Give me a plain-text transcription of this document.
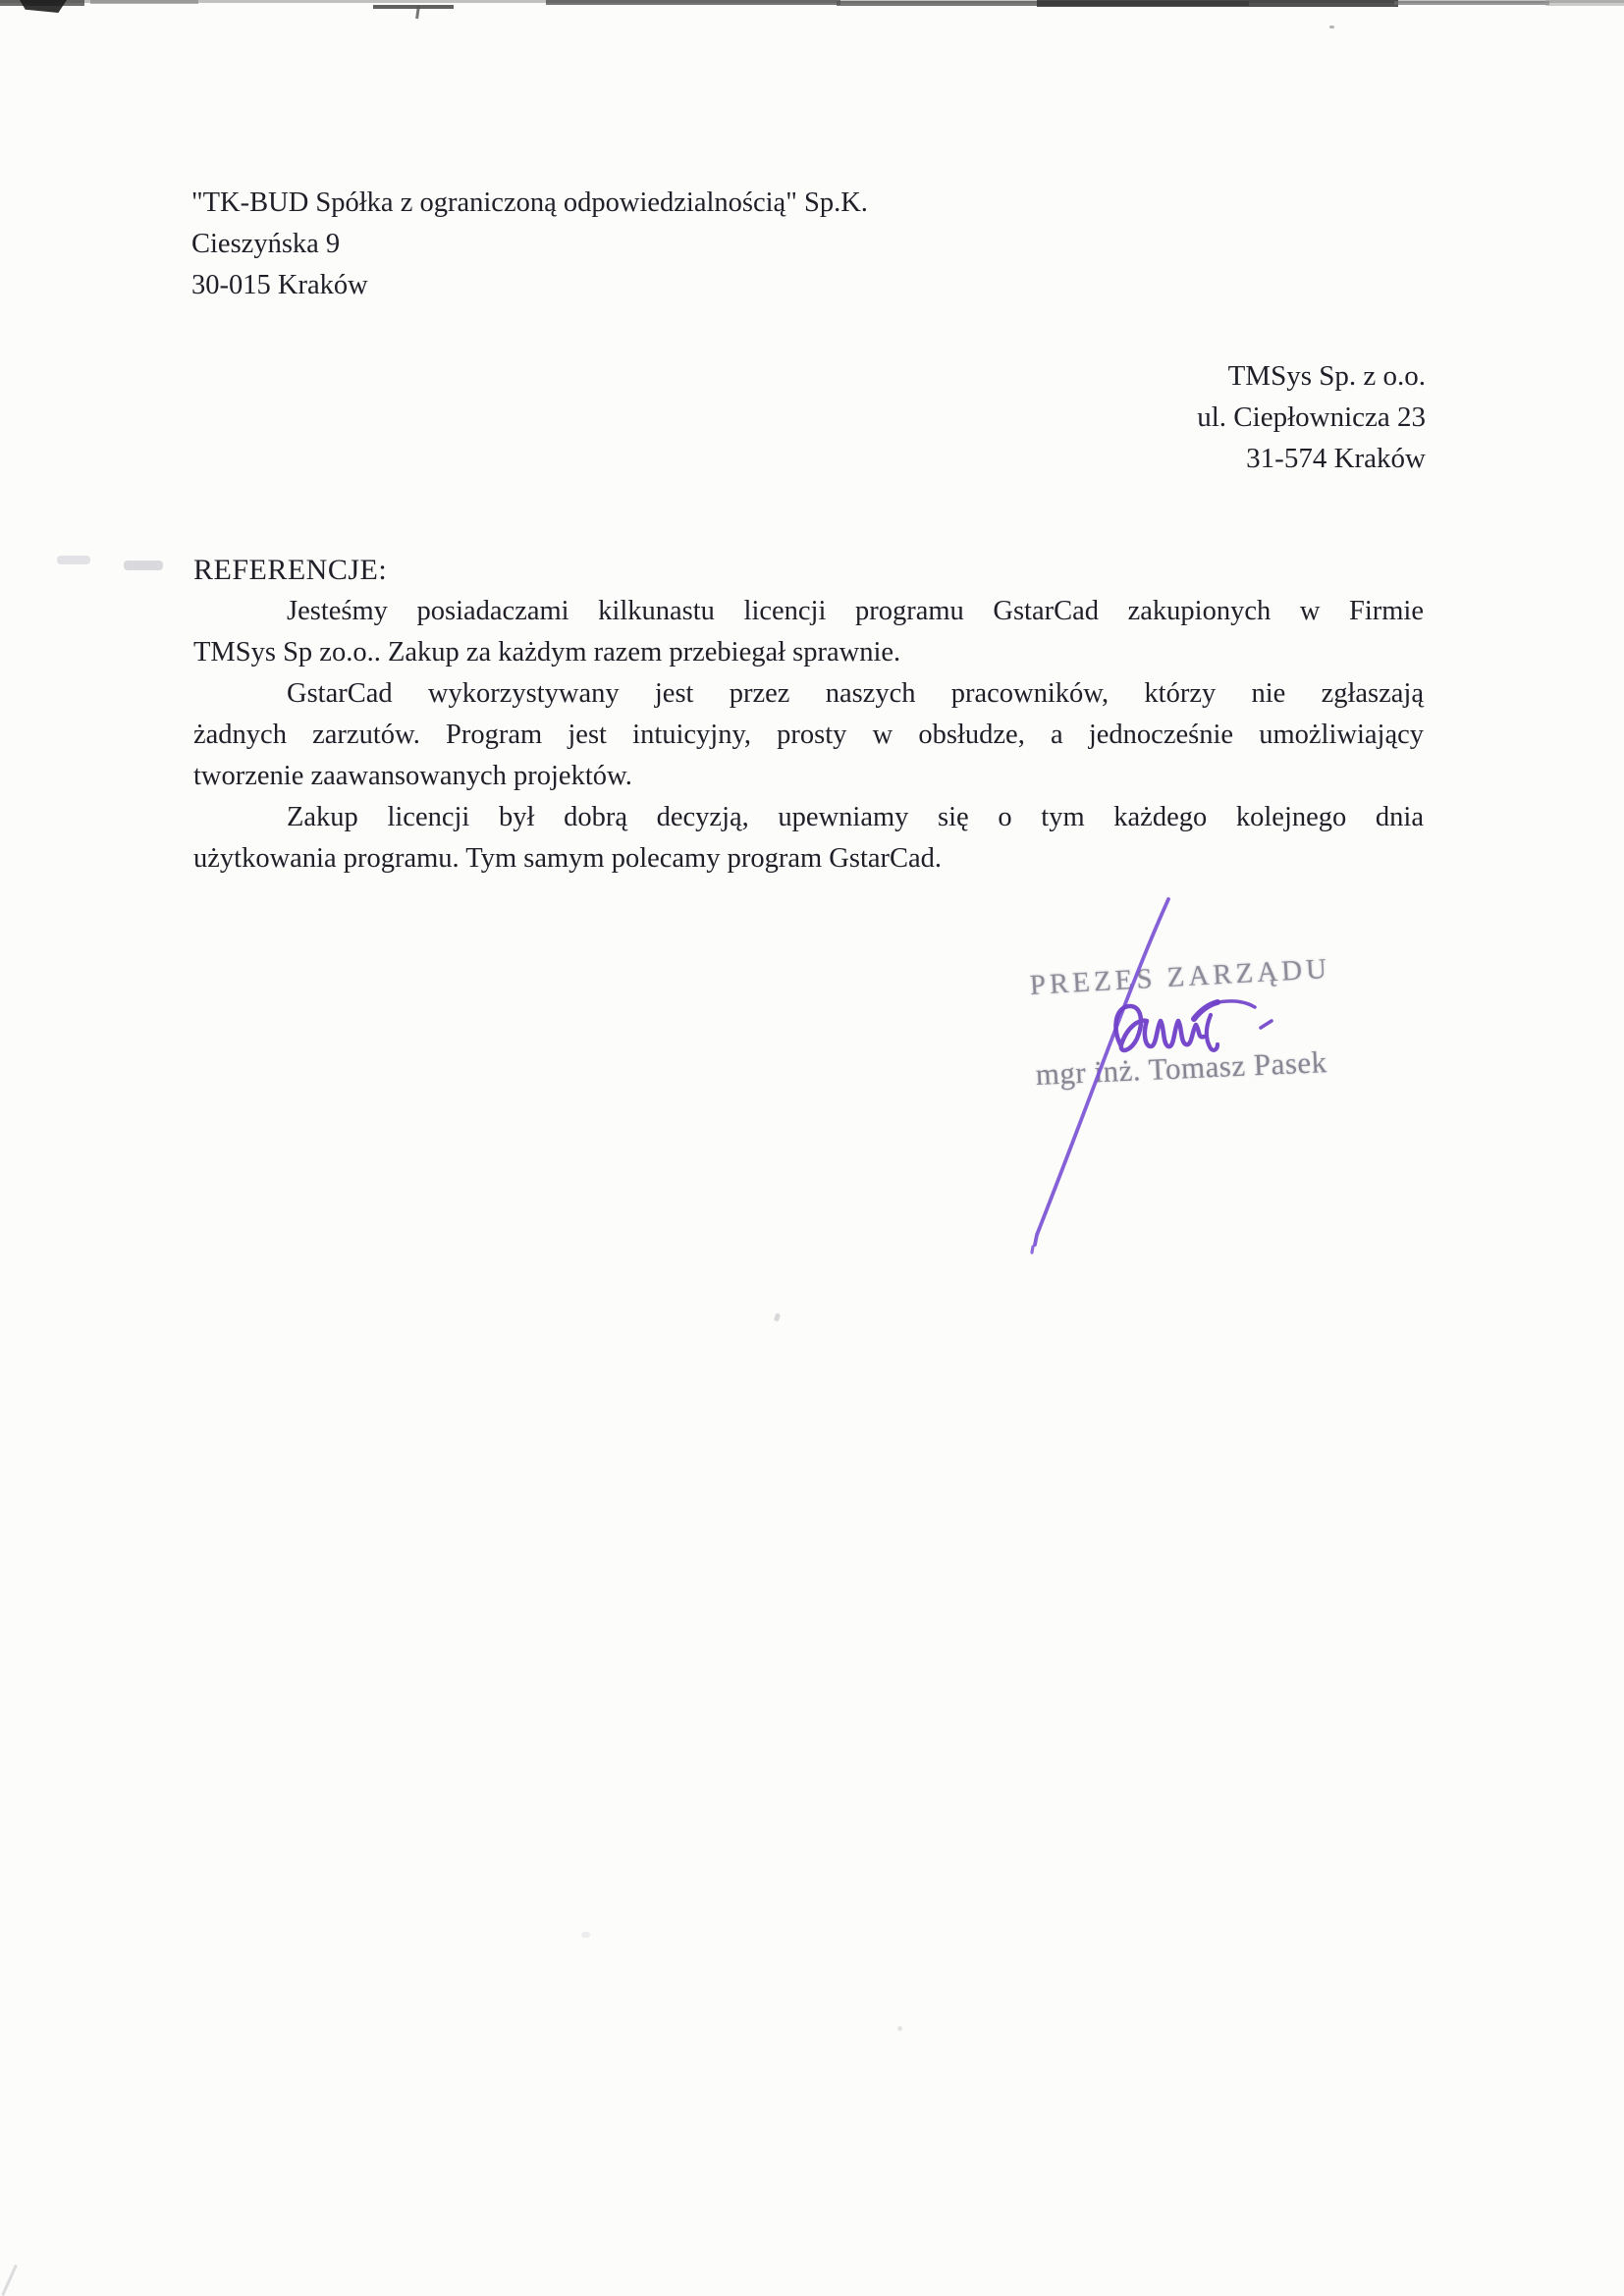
"TK-BUD Spółka z ograniczoną odpowiedzialnością" Sp.K.
Cieszyńska 9
30-015 Kraków
TMSys Sp. z o.o.
ul. Ciepłownicza 23
31-574 Kraków
REFERENCJE:
Jesteśmy posiadaczami kilkunastu licencji programu GstarCad zakupionych w Firmie
TMSys Sp zo.o.. Zakup za każdym razem przebiegał sprawnie.
GstarCad wykorzystywany jest przez naszych pracowników, którzy nie zgłaszają
żadnych zarzutów. Program jest intuicyjny, prosty w obsłudze, a jednocześnie umożliwiający
tworzenie zaawansowanych projektów.
Zakup licencji był dobrą decyzją, upewniamy się o tym każdego kolejnego dnia
użytkowania programu. Tym samym polecamy program GstarCad.
PREZES ZARZĄDU
mgr inż. Tomasz Pasek
